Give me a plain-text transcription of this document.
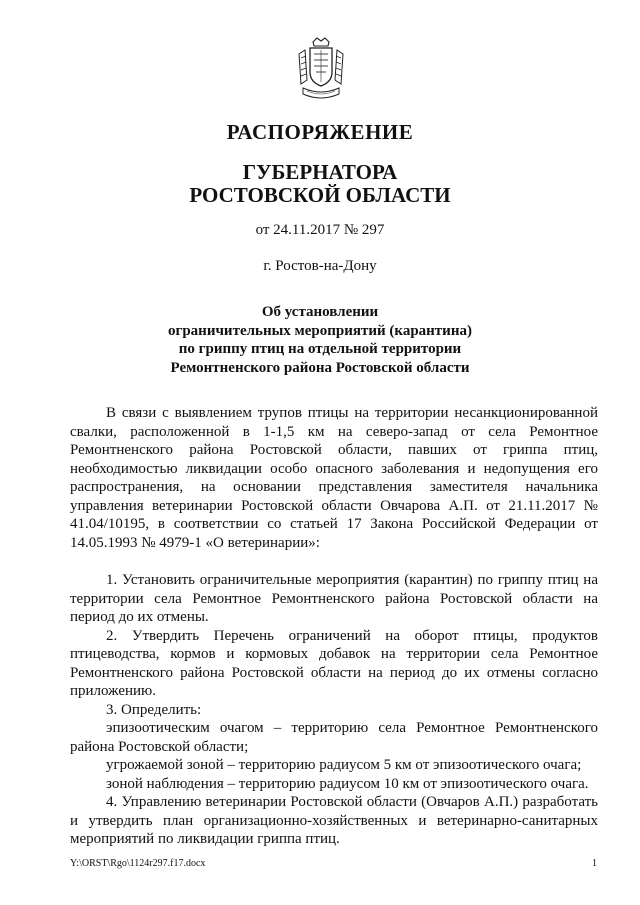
РАСПОРЯЖЕНИЕ
ГУБЕРНАТОРА
РОСТОВСКОЙ ОБЛАСТИ
от 24.11.2017 № 297
г. Ростов-на-Дону
Об установлении
ограничительных мероприятий (карантина)
по гриппу птиц на отдельной территории
Ремонтненского района Ростовской области

В связи с выявлением трупов птицы на территории несанкционированной свалки, расположенной в 1-1,5 км на северо-запад от села Ремонтное Ремонтненского района Ростовской области, павших от гриппа птиц, необходимостью ликвидации особо опасного заболевания и недопущения его распространения, на основании представления заместителя начальника управления ветеринарии Ростовской области Овчарова А.П. от 21.11.2017 № 41.04/10195, в соответствии со статьей 17 Закона Российской Федерации от 14.05.1993 № 4979-1 «О ветеринарии»:

1. Установить ограничительные мероприятия (карантин) по гриппу птиц на территории села Ремонтное Ремонтненского района Ростовской области на период до их отмены.

2. Утвердить Перечень ограничений на оборот птицы, продуктов птицеводства, кормов и кормовых добавок на территории села Ремонтное Ремонтненского района Ростовской области на период до их отмены согласно приложению.

3. Определить:

эпизоотическим очагом – территорию села Ремонтное Ремонтненского района Ростовской области;

угрожаемой зоной – территорию радиусом 5 км от эпизоотического очага;

зоной наблюдения – территорию радиусом 10 км от эпизоотического очага.

4. Управлению ветеринарии Ростовской области (Овчаров А.П.) разработать и утвердить план организационно-хозяйственных и ветеринарно-санитарных мероприятий по ликвидации гриппа птиц.

Y:\ORST\Rgo\1124r297.f17.docx	1
